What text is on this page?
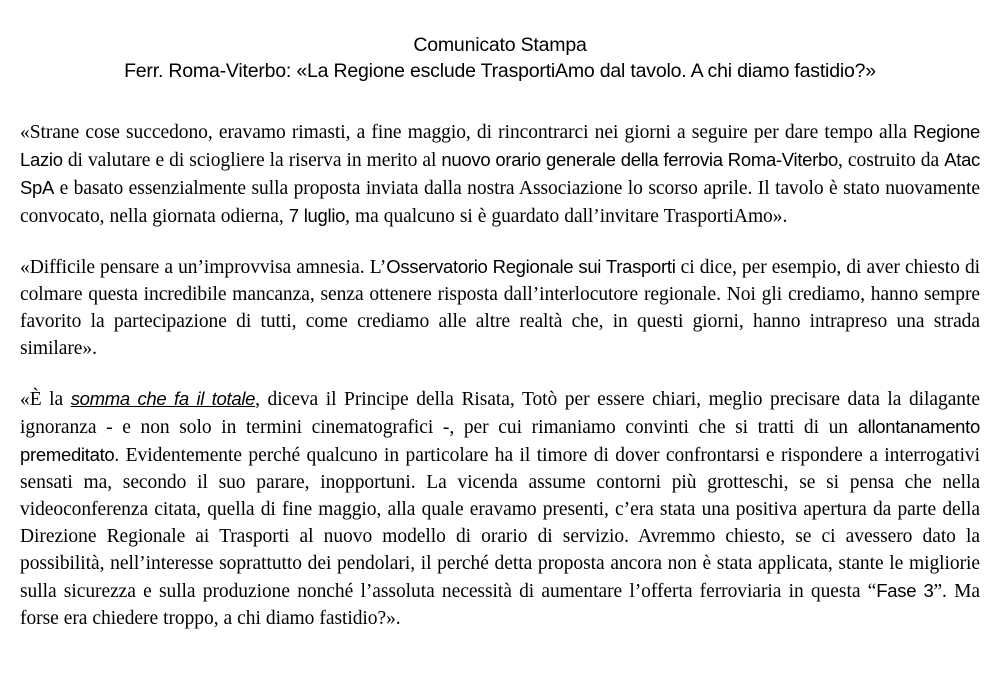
Comunicato Stampa
Ferr. Roma-Viterbo: «La Regione esclude TrasportiAmo dal tavolo. A chi diamo fastidio?»

«Strane cose succedono, eravamo rimasti, a fine maggio, di rincontrarci nei giorni a seguire per dare tempo alla Regione Lazio di valutare e di sciogliere la riserva in merito al nuovo orario generale della ferrovia Roma-Viterbo, costruito da Atac SpA e basato essenzialmente sulla proposta inviata dalla nostra Associazione lo scorso aprile. Il tavolo è stato nuovamente convocato, nella giornata odierna, 7 luglio, ma qualcuno si è guardato dall’invitare TrasportiAmo».

«Difficile pensare a un’improvvisa amnesia. L’Osservatorio Regionale sui Trasporti ci dice, per esempio, di aver chiesto di colmare questa incredibile mancanza, senza ottenere risposta dall’interlocutore regionale. Noi gli crediamo, hanno sempre favorito la partecipazione di tutti, come crediamo alle altre realtà che, in questi giorni, hanno intrapreso una strada similare».

«È la somma che fa il totale, diceva il Principe della Risata, Totò per essere chiari, meglio precisare data la dilagante ignoranza - e non solo in termini cinematografici -, per cui rimaniamo convinti che si tratti di un allontanamento premeditato. Evidentemente perché qualcuno in particolare ha il timore di dover confrontarsi e rispondere a interrogativi sensati ma, secondo il suo parare, inopportuni. La vicenda assume contorni più grotteschi, se si pensa che nella videoconferenza citata, quella di fine maggio, alla quale eravamo presenti, c’era stata una positiva apertura da parte della Direzione Regionale ai Trasporti al nuovo modello di orario di servizio. Avremmo chiesto, se ci avessero dato la possibilità, nell’interesse soprattutto dei pendolari, il perché detta proposta ancora non è stata applicata, stante le migliorie sulla sicurezza e sulla produzione nonché l’assoluta necessità di aumentare l’offerta ferroviaria in questa “Fase 3”. Ma forse era chiedere troppo, a chi diamo fastidio?».
